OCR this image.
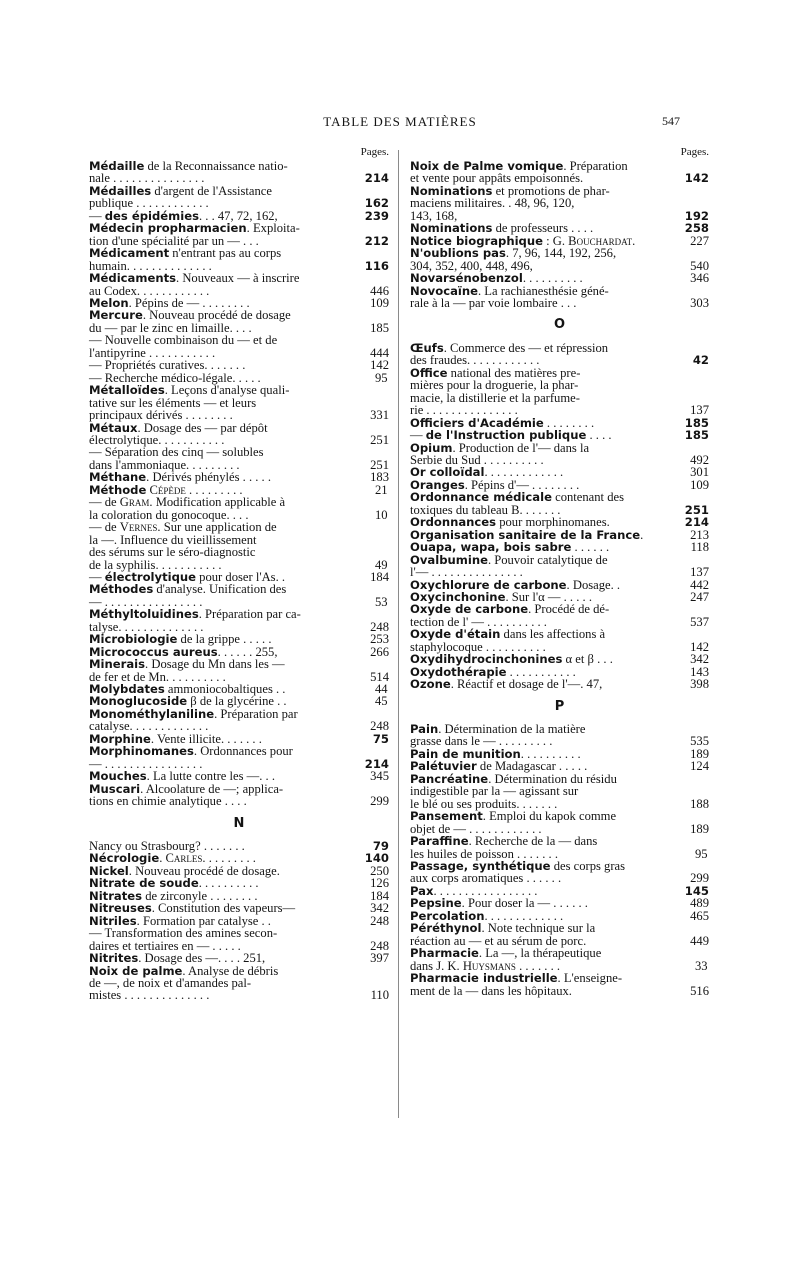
TABLE DES MATIÈRES	547
Pages.
Médaille de la Reconnaissance natio-
214
nale . . . . . . . . . . . . . . .
Médailles d'argent de l'Assistance
162
publique . . . . . . . . . . . .
239
— des épidémies. . . 47, 72, 162,
Médecin propharmacien. Exploita-
212
tion d'une spécialité par un — . . .
Médicament n'entrant pas au corps
116
humain. . . . . . . . . . . . . .
Médicaments. Nouveaux — à inscrire
446
au Codex. . . . . . . . . . . .
109
Melon. Pépins de — . . . . . . . .
Mercure. Nouveau procédé de dosage
185
du — par le zinc en limaille. . . .
— Nouvelle combinaison du — et de
444
l'antipyrine . . . . . . . . . . .
142
— Propriétés curatives. . . . . . .
95
— Recherche médico-légale. . . . .
Métalloïdes. Leçons d'analyse quali-
tative sur les éléments — et leurs
331
principaux dérivés . . . . . . . .
Métaux. Dosage des — par dépôt
251
électrolytique. . . . . . . . . . .
— Séparation des cinq — solubles
251
dans l'ammoniaque. . . . . . . . .
183
Méthane. Dérivés phénylés . . . . .
21
Méthode Cépède . . . . . . . . .
— de Gram. Modification applicable à
10
la coloration du gonocoque. . . .
— de Vernes. Sur une application de
la —. Influence du vieillissement
des sérums sur le séro-diagnostic
49
de la syphilis. . . . . . . . . . .
184
— électrolytique pour doser l'As. .
Méthodes d'analyse. Unification des
53
— . . . . . . . . . . . . . . . .
Méthyltoluidines. Préparation par ca-
248
talyse. . . . . . . . . . . . . .
253
Microbiologie de la grippe . . . . .
266
Micrococcus aureus. . . . . . 255,
Minerais. Dosage du Mn dans les —
514
de fer et de Mn. . . . . . . . . .
44
Molybdates ammoniocobaltiques . .
45
Monoglucoside β de la glycérine . .
Monométhylaniline. Préparation par
248
catalyse. . . . . . . . . . . . .
75
Morphine. Vente illicite. . . . . . .
Morphinomanes. Ordonnances pour
214
— . . . . . . . . . . . . . . . .
345
Mouches. La lutte contre les —. . .
Muscari. Alcoolature de —; applica-
299
tions en chimie analytique . . . .
N
79
Nancy ou Strasbourg? . . . . . . .
140
Nécrologie. Carles. . . . . . . . .
250
Nickel. Nouveau procédé de dosage.
126
Nitrate de soude. . . . . . . . . .
184
Nitrates de zirconyle . . . . . . . .
342
Nitreuses. Constitution des vapeurs—
248
Nitriles. Formation par catalyse . .
— Transformation des amines secon-
248
daires et tertiaires en — . . . . .
397
Nitrites. Dosage des —. . . . 251,
Noix de palme. Analyse de débris
de —, de noix et d'amandes pal-
110
mistes . . . . . . . . . . . . . .
Pages.
Noix de Palme vomique. Préparation
142
et vente pour appâts empoisonnés.
Nominations et promotions de phar-
maciens militaires. . 48, 96, 120,
192
143, 168,
258
Nominations de professeurs . . . .
227
Notice biographique : G. Bouchardat.
N'oublions pas. 7, 96, 144, 192, 256,
540
304, 352, 400, 448, 496,
346
Novarsénobenzol. . . . . . . . . .
Novocaïne. La rachianesthésie géné-
303
rale à la — par voie lombaire . . .
O
Œufs. Commerce des — et répression
42
des fraudes. . . . . . . . . . . .
Office national des matières pre-
mières pour la droguerie, la phar-
macie, la distillerie et la parfume-
137
rie . . . . . . . . . . . . . . .
185
Officiers d'Académie . . . . . . . .
185
— de l'Instruction publique . . . .
Opium. Production de l'— dans la
492
Serbie du Sud . . . . . . . . . .
301
Or colloïdal. . . . . . . . . . . . .
109
Oranges. Pépins d'— . . . . . . . .
Ordonnance médicale contenant des
251
toxiques du tableau B. . . . . . .
214
Ordonnances pour morphinomanes.
213
Organisation sanitaire de la France.
118
Ouapa, wapa, bois sabre . . . . . .
Ovalbumine. Pouvoir catalytique de
137
l'— . . . . . . . . . . . . . . .
442
Oxychlorure de carbone. Dosage. .
247
Oxycinchonine. Sur l'α — . . . . .
Oxyde de carbone. Procédé de dé-
537
tection de l' — . . . . . . . . . .
Oxyde d'étain dans les affections à
142
staphylocoque . . . . . . . . . .
342
Oxydihydrocinchonines α et β . . .
143
Oxydothérapie . . . . . . . . . . .
398
Ozone. Réactif et dosage de l'—. 47,
P
Pain. Détermination de la matière
535
grasse dans le — . . . . . . . . .
189
Pain de munition. . . . . . . . . .
124
Palétuvier de Madagascar . . . . .
Pancréatine. Détermination du résidu
indigestible par la — agissant sur
188
le blé ou ses produits. . . . . . .
Pansement. Emploi du kapok comme
189
objet de — . . . . . . . . . . . .
Paraffine. Recherche de la — dans
95
les huiles de poisson . . . . . . .
Passage, synthétique des corps gras
299
aux corps aromatiques . . . . . .
145
Pax. . . . . . . . . . . . . . . . .
489
Pepsine. Pour doser la — . . . . . .
465
Percolation. . . . . . . . . . . . .
Péréthynol. Note technique sur la
449
réaction au — et au sérum de porc.
Pharmacie. La —, la thérapeutique
33
dans J. K. Huysmans . . . . . . .
Pharmacie industrielle. L'enseigne-
516
ment de la — dans les hôpitaux.
